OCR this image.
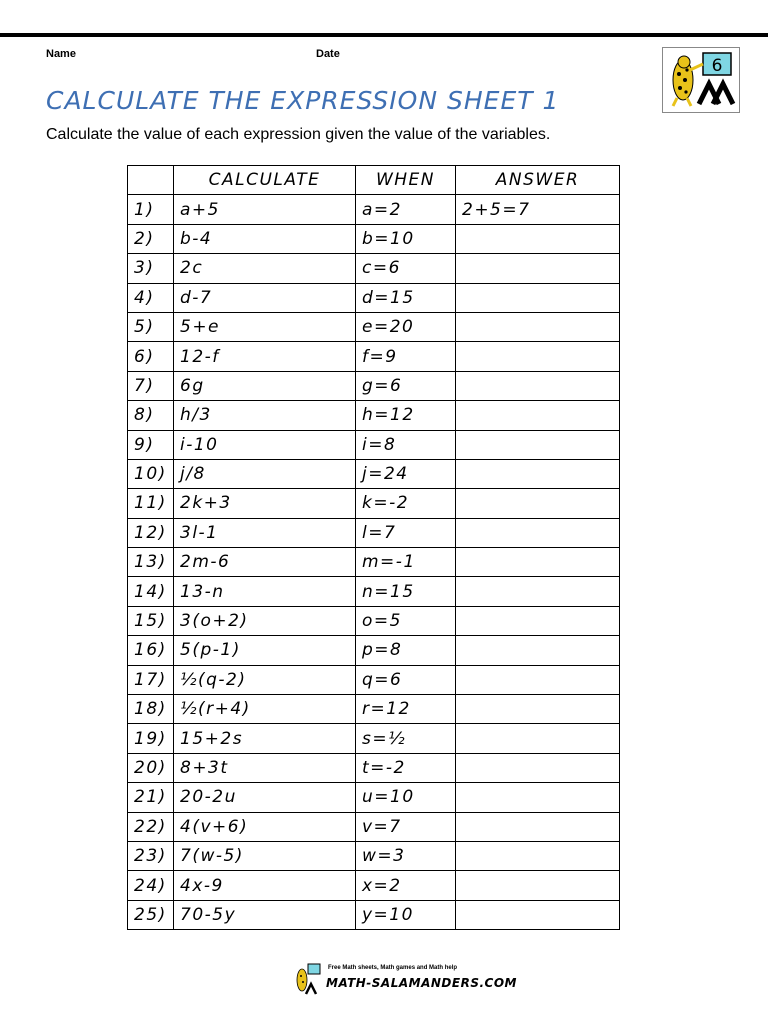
Name	Date
6
CALCULATE THE EXPRESSION SHEET 1
Calculate the value of each expression given the value of the variables.
	CALCULATE	WHEN	ANSWER
1)	a+5	a=2	2+5=7
2)	b-4	b=10	
3)	2c	c=6	
4)	d-7	d=15	
5)	5+e	e=20	
6)	12-f	f=9	
7)	6g	g=6	
8)	h/3	h=12	
9)	i-10	i=8	
10)	j/8	j=24	
11)	2k+3	k=-2	
12)	3l-1	l=7	
13)	2m-6	m=-1	
14)	13-n	n=15	
15)	3(o+2)	o=5	
16)	5(p-1)	p=8	
17)	½(q-2)	q=6	
18)	½(r+4)	r=12	
19)	15+2s	s=½	
20)	8+3t	t=-2	
21)	20-2u	u=10	
22)	4(v+6)	v=7	
23)	7(w-5)	w=3	
24)	4x-9	x=2	
25)	70-5y	y=10	
Free Math sheets, Math games and Math help
MATH-SALAMANDERS.COM
